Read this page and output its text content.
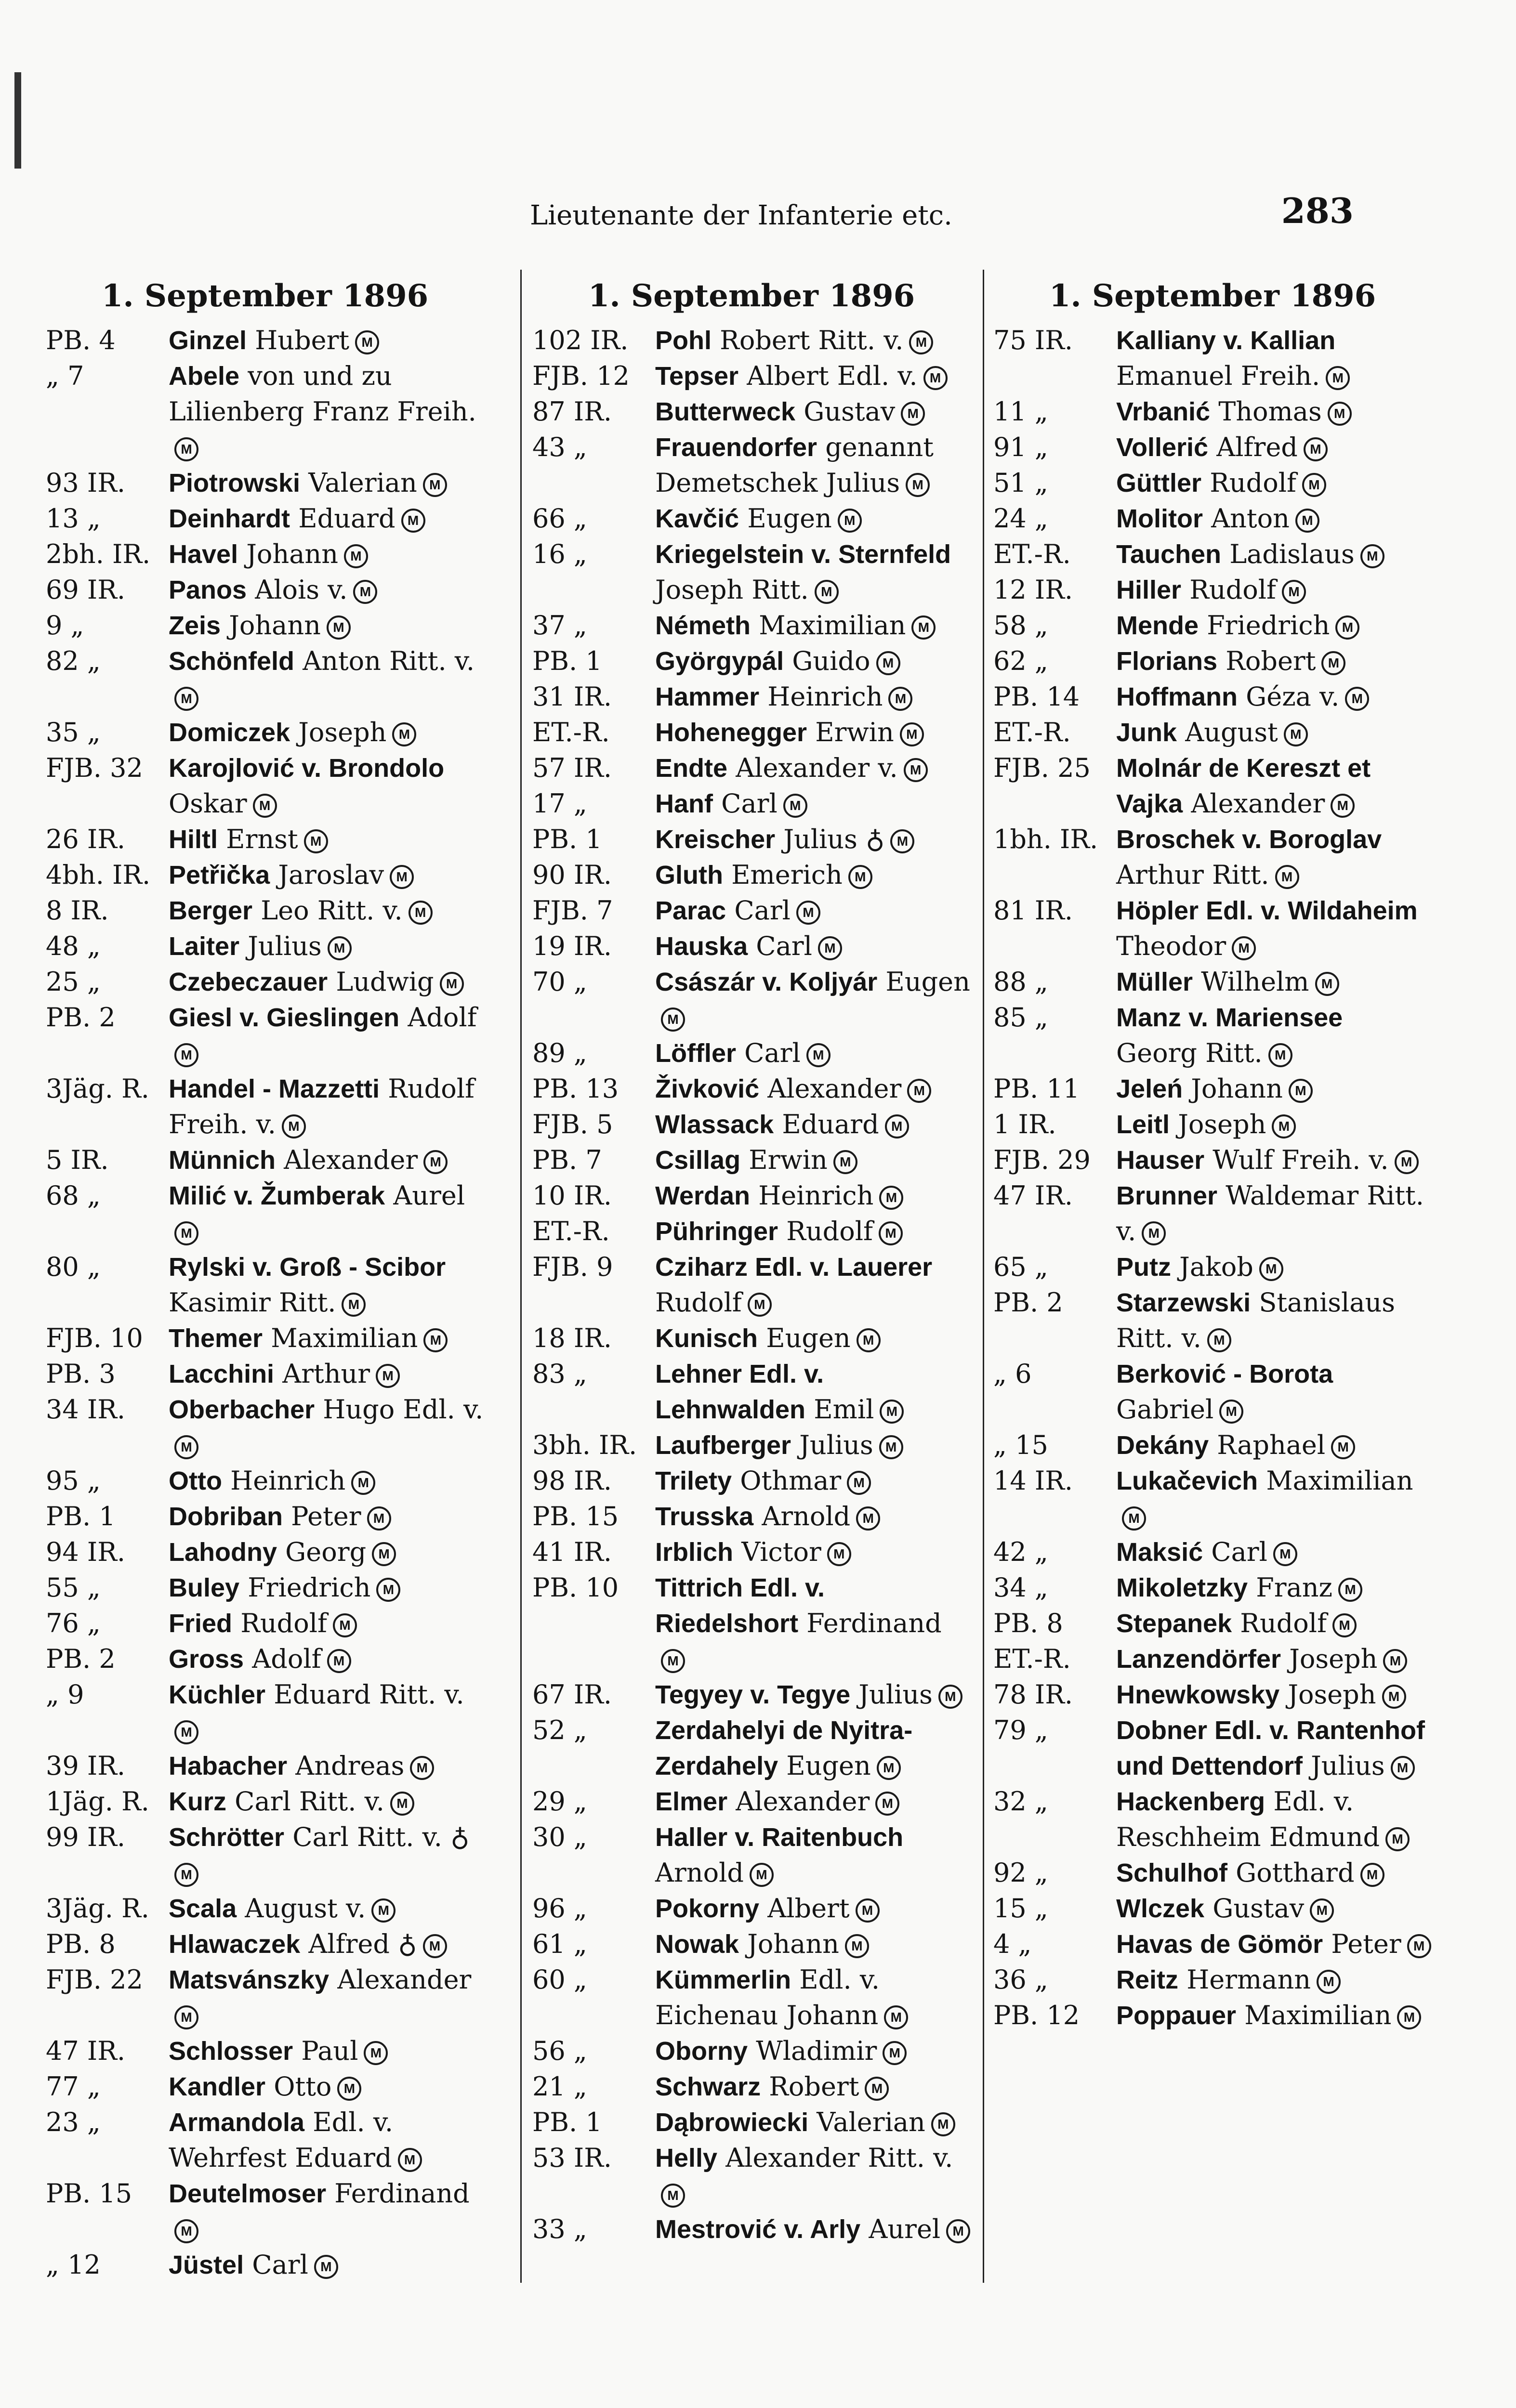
Lieutenante der Infanterie etc.	283
1. September 1896
PB. 4	Ginzel Hubert M
„ 7	Abele von und zu Lilienberg Franz Freih.M
93 IR.	Piotrowski Valerian M
13 „	Deinhardt Eduard M
2bh. IR. Havel Johann M
69 IR.	Panos Alois v. M
9 „	Zeis Johann M
82 „	Schönfeld Anton Ritt. v.M
35 „	Domiczek Joseph M
FJB. 32 Karojlović v. Brondolo Oskar M
26 IR.	Hiltl Ernst M
4bh. IR. Petřička Jaroslav M
8 IR.	Berger Leo Ritt. v. M
48 „	Laiter Julius M
25 „	Czebeczauer Ludwig M
PB. 2	Giesl v. Gieslingen AdolfM
3Jäg. R. Handel - Mazzetti Rudolf Freih. v. M
5 IR.	Münnich Alexander M
68 „	Milić v. Žumberak AurelM
80 „	Rylski v. Groß - Scibor Kasimir Ritt. M
FJB. 10 Themer Maximilian M
PB. 3	Lacchini Arthur M
34 IR.	Oberbacher Hugo Edl. v.M
95 „	Otto Heinrich M
PB. 1	Dobriban Peter M
94 IR.	Lahodny Georg M
55 „	Buley Friedrich M
76 „	Fried Rudolf M
PB. 2	Gross Adolf M
„ 9	Küchler Eduard Ritt. v.M
39 IR.	Habacher Andreas M
1Jäg. R. Kurz Carl Ritt. v. M
99 IR.	Schrötter Carl Ritt. v. ♁M
3Jäg. R. Scala August v. M
PB. 8	Hlawaczek Alfred ♁ M
FJB. 22 Matsvánszky AlexanderM
47 IR.	Schlosser Paul M
77 „	Kandler Otto M
23 „	Armandola Edl. v. Wehrfest Eduard M
PB. 15	Deutelmoser FerdinandM
„ 12	Jüstel Carl M
1. September 1896
102 IR.	Pohl Robert Ritt. v. M
FJB. 12 Tepser Albert Edl. v. M
87 IR.	Butterweck Gustav M
43 „	Frauendorfer genannt Demetschek Julius M
66 „	Kavčić Eugen M
16 „	Kriegelstein v. Sternfeld Joseph Ritt. M
37 „	Németh Maximilian M
PB. 1	Györgypál Guido M
31 IR.	Hammer Heinrich M
ET.-R.	Hohenegger Erwin M
57 IR.	Endte Alexander v. M
17 „	Hanf Carl M
PB. 1	Kreischer Julius ♁ M
90 IR.	Gluth Emerich M
FJB. 7	Parac Carl M
19 IR.	Hauska Carl M
70 „	Császár v. Koljyár EugenM
89 „	Löffler Carl M
PB. 13	Živković Alexander M
FJB. 5	Wlassack Eduard M
PB. 7	Csillag Erwin M
10 IR.	Werdan Heinrich M
ET.-R.	Pühringer Rudolf M
FJB. 9	Cziharz Edl. v. Lauerer Rudolf M
18 IR.	Kunisch Eugen M
83 „	Lehner Edl. v. Lehnwalden Emil M
3bh. IR. Laufberger Julius M
98 IR.	Trilety Othmar M
PB. 15	Trusska Arnold M
41 IR.	Irblich Victor M
PB. 10	Tittrich Edl. v. Riedelshort FerdinandM
67 IR.	Tegyey v. Tegye Julius M
52 „	Zerdahelyi de Nyitra-Zerdahely Eugen M
29 „	Elmer Alexander M
30 „	Haller v. Raitenbuch Arnold M
96 „	Pokorny Albert M
61 „	Nowak Johann M
60 „	Kümmerlin Edl. v. Eichenau Johann M
56 „	Oborny Wladimir M
21 „	Schwarz Robert M
PB. 1	Dąbrowiecki Valerian M
53 IR.	Helly Alexander Ritt. v.M
33 „	Mestrović v. Arly Aurel M
1. September 1896
75 IR.	Kalliany v. Kallian Emanuel Freih. M
11 „	Vrbanić Thomas M
91 „	Vollerić Alfred M
51 „	Güttler Rudolf M
24 „	Molitor Anton M
ET.-R.	Tauchen Ladislaus M
12 IR.	Hiller Rudolf M
58 „	Mende Friedrich M
62 „	Florians Robert M
PB. 14	Hoffmann Géza v. M
ET.-R.	Junk August M
FJB. 25 Molnár de Kereszt et Vajka Alexander M
1bh. IR. Broschek v. Boroglav Arthur Ritt. M
81 IR.	Höpler Edl. v. Wildaheim Theodor M
88 „	Müller Wilhelm M
85 „	Manz v. Mariensee Georg Ritt. M
PB. 11	Jeleń Johann M
1 IR.	Leitl Joseph M
FJB. 29 Hauser Wulf Freih. v. M
47 IR.	Brunner Waldemar Ritt. v. M
65 „	Putz Jakob M
PB. 2	Starzewski Stanislaus Ritt. v. M
„ 6	Berković - Borota Gabriel M
„ 15	Dekány Raphael M
14 IR.	Lukačevich MaximilianM
42 „	Maksić Carl M
34 „	Mikoletzky Franz M
PB. 8	Stepanek Rudolf M
ET.-R.	Lanzendörfer Joseph M
78 IR.	Hnewkowsky Joseph M
79 „	Dobner Edl. v. Rantenhof und Dettendorf Julius M
32 „	Hackenberg Edl. v. Reschheim Edmund M
92 „	Schulhof Gotthard M
15 „	Wlczek Gustav M
4 „	Havas de Gömör Peter M
36 „	Reitz Hermann M
PB. 12	Poppauer Maximilian M
